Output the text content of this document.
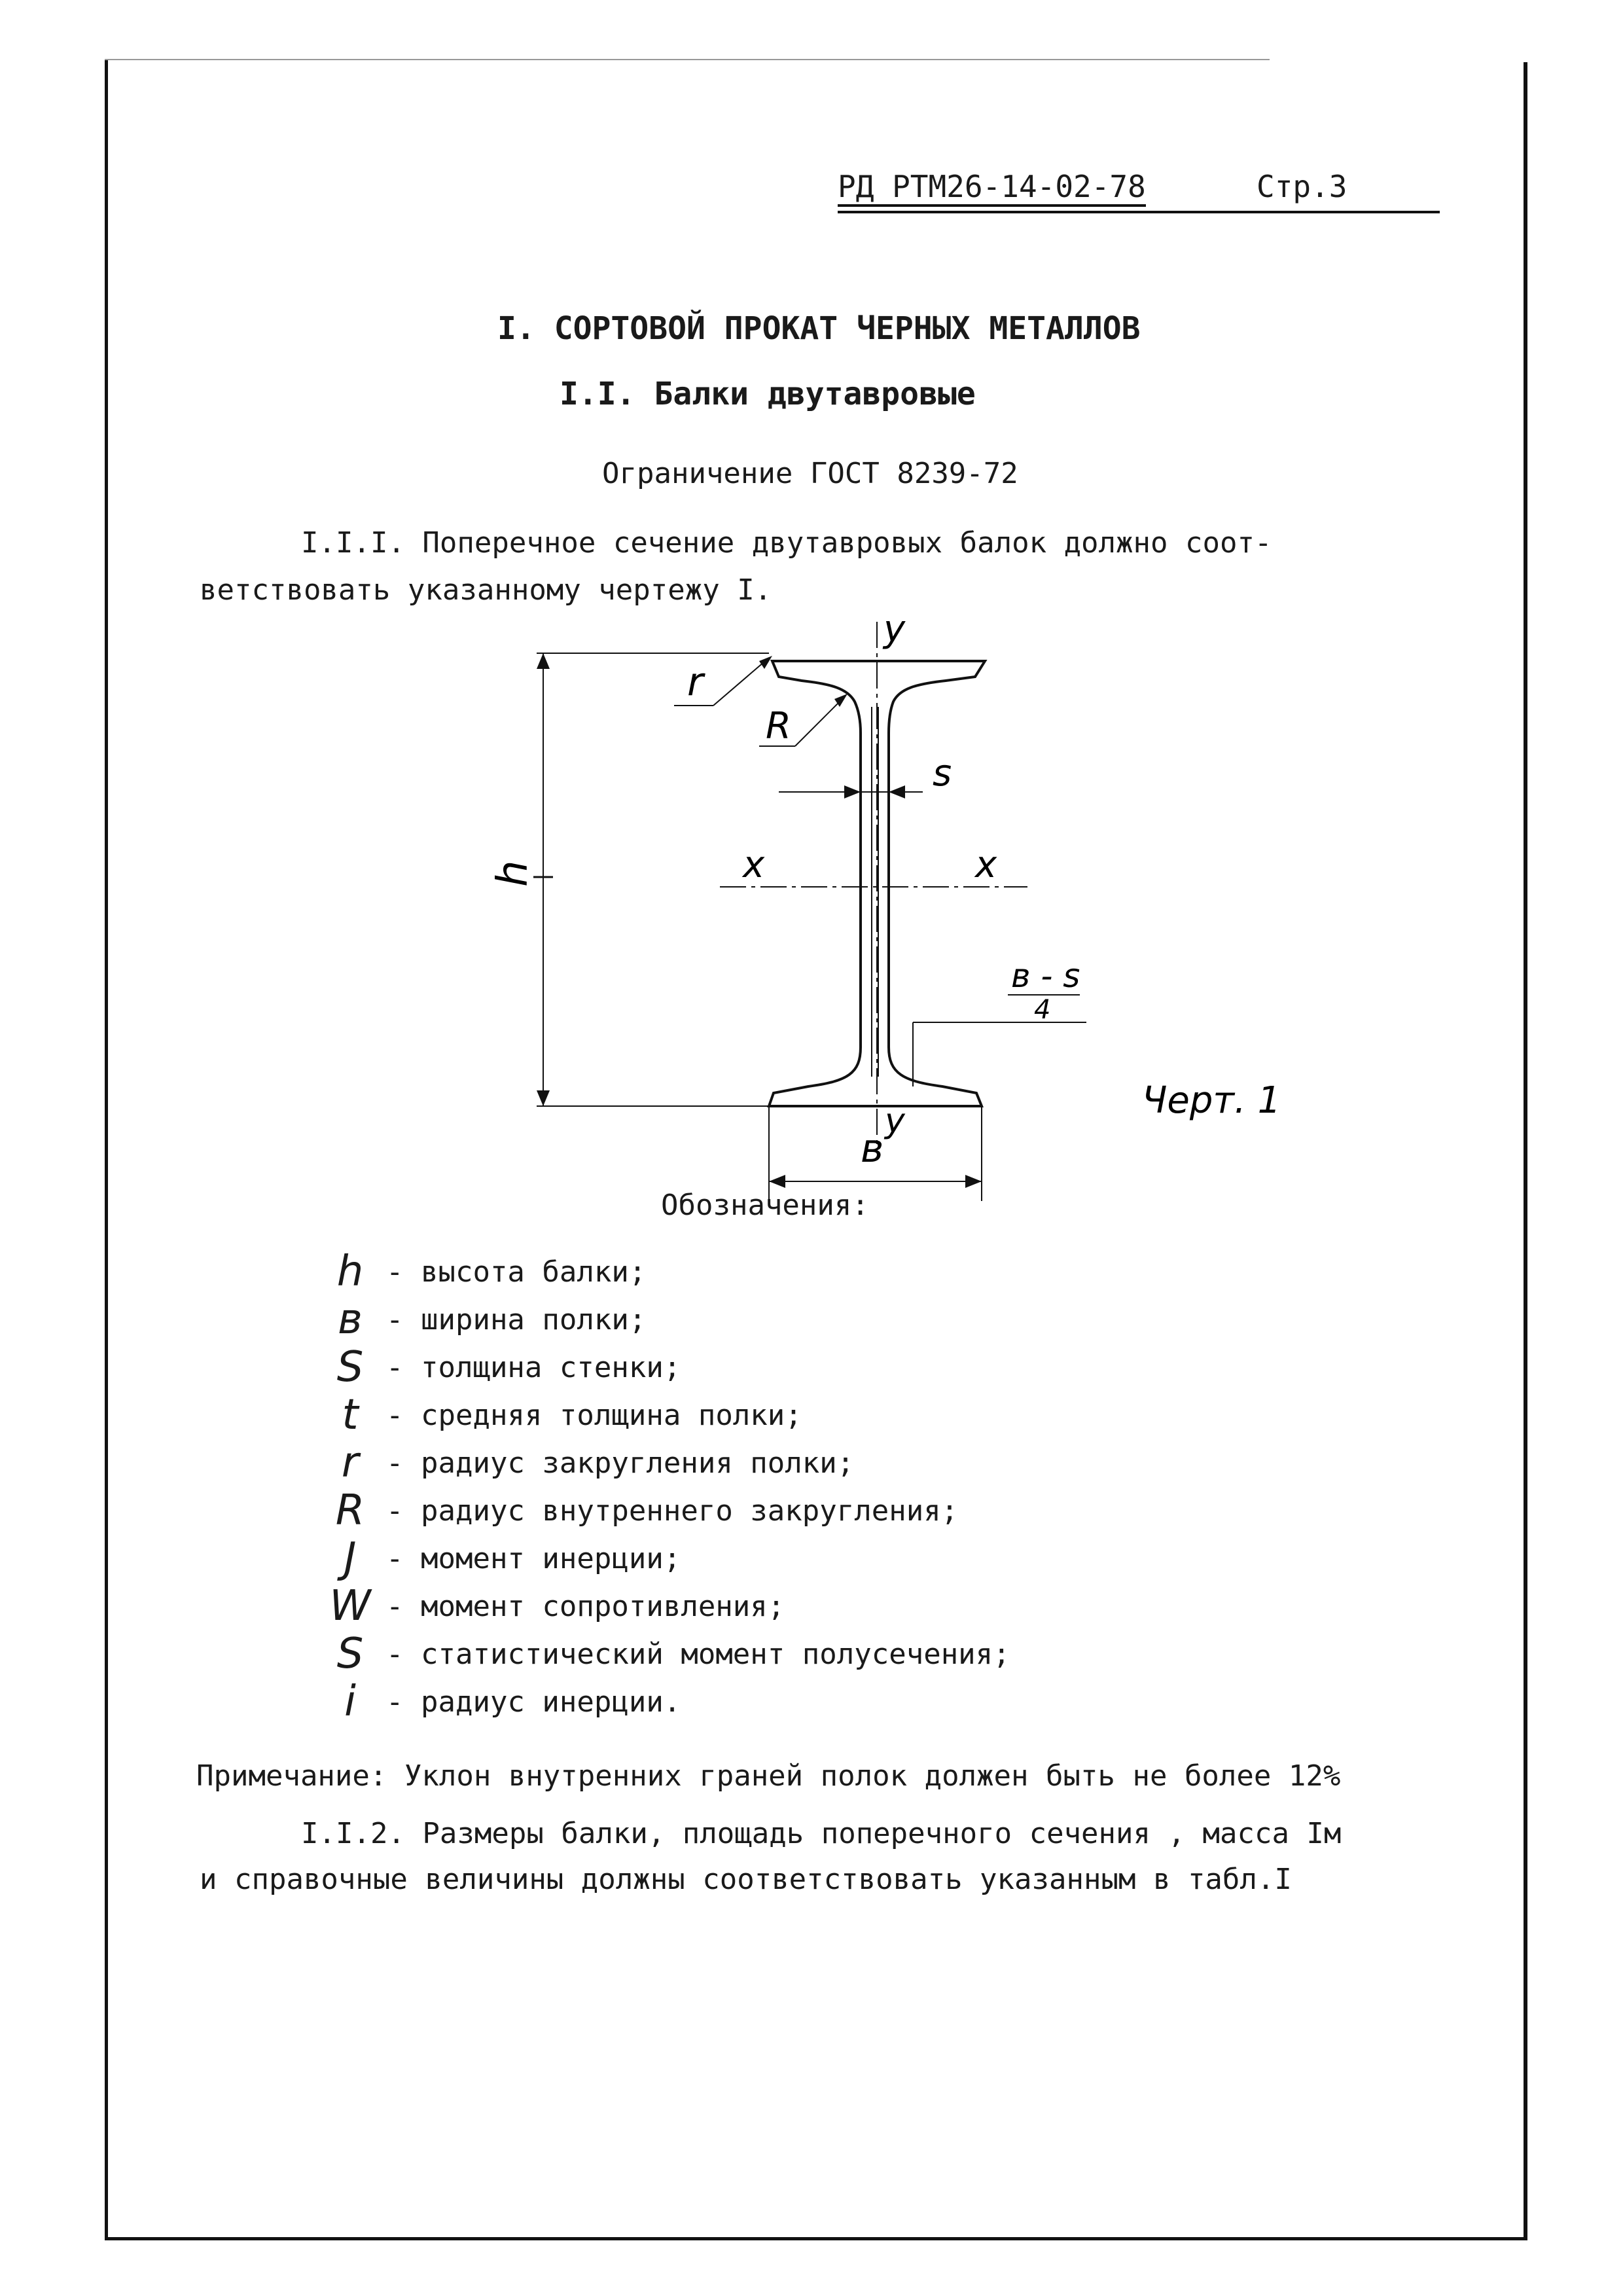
РД РТМ26-14-02-78	Стр.3
I. СОРТОВОЙ ПРОКАТ ЧЕРНЫХ МЕТАЛЛОВ
I.I. Балки двутавровые
Ограничение ГОСТ 8239-72
I.I.I. Поперечное сечение двутавровых балок должно соот-
ветствовать указанному чертежу I.
y
r
R
s
x	x
h
в - s
4
y
в
Черт. 1
Обозначения:
h - высота балки;
в - ширина полки;
S - толщина стенки;
t - средняя толщина полки;
r - радиус закругления полки;
R - радиус внутреннего закругления;
J	- момент инерции;
W - момент сопротивления;
S - статистический момент полусечения;
i	- радиус инерции.
Примечание: Уклон внутренних граней полок должен быть не более 12%
I.I.2. Размеры балки, площадь поперечного сечения , масса Iм
и справочные величины должны соответствовать указанным в табл.I
